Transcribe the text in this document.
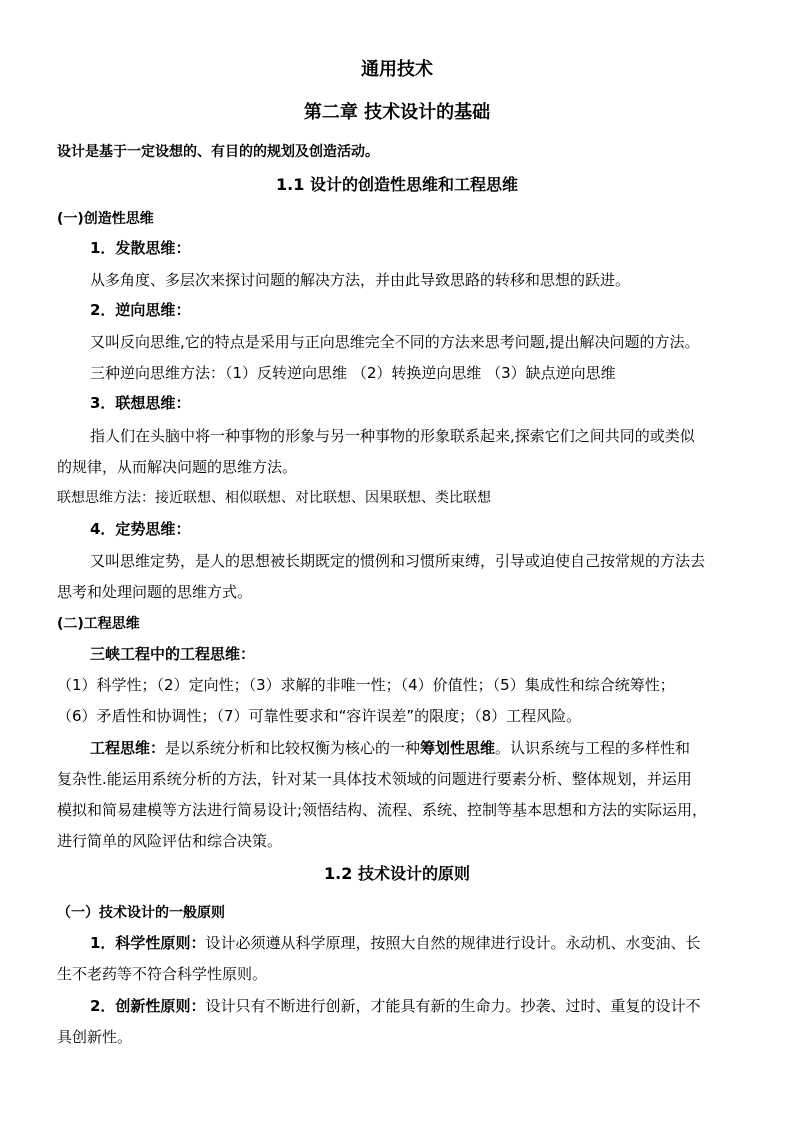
通用技术
第二章 技术设计的基础
设计是基于一定设想的、有目的的规划及创造活动。
1.1 设计的创造性思维和工程思维
(一)创造性思维
1．发散思维：
从多角度、多层次来探讨问题的解决方法，并由此导致思路的转移和思想的跃进。
2．逆向思维：
又叫反向思维,它的特点是采用与正向思维完全不同的方法来思考问题,提出解决问题的方法。
三种逆向思维方法：（1）反转逆向思维 （2）转换逆向思维 （3）缺点逆向思维
3．联想思维：
指人们在头脑中将一种事物的形象与另一种事物的形象联系起来,探索它们之间共同的或类似
的规律，从而解决问题的思维方法。
联想思维方法：接近联想、相似联想、对比联想、因果联想、类比联想
4．定势思维：
又叫思维定势，是人的思想被长期既定的惯例和习惯所束缚，引导或迫使自己按常规的方法去
思考和处理问题的思维方式。
(二)工程思维
三峡工程中的工程思维：
（1）科学性；（2）定向性；（3）求解的非唯一性；（4）价值性；（5）集成性和综合统筹性；
（6）矛盾性和协调性；（7）可靠性要求和“容许误差”的限度；（8）工程风险。
工程思维：是以系统分析和比较权衡为核心的一种筹划性思维。认识系统与工程的多样性和
复杂性.能运用系统分析的方法，针对某一具体技术领域的问题进行要素分析、整体规划，并运用
模拟和简易建模等方法进行简易设计;领悟结构、流程、系统、控制等基本思想和方法的实际运用，
进行简单的风险评估和综合决策。
1.2 技术设计的原则
（一）技术设计的一般原则
1．科学性原则：设计必须遵从科学原理，按照大自然的规律进行设计。永动机、水变油、长
生不老药等不符合科学性原则。
2．创新性原则：设计只有不断进行创新，才能具有新的生命力。抄袭、过时、重复的设计不
具创新性。
